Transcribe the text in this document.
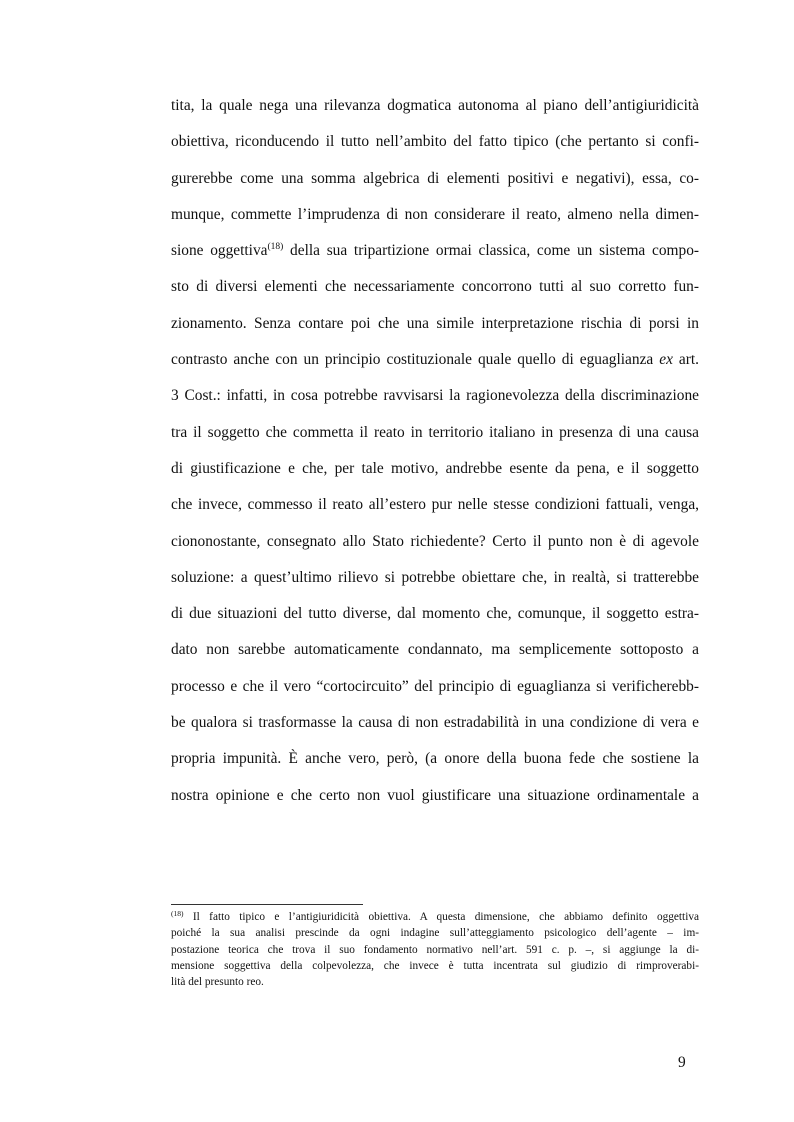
tita, la quale nega una rilevanza dogmatica autonoma al piano dell’antigiuridicità
obiettiva, riconducendo il tutto nell’ambito del fatto tipico (che pertanto si confi-
gurerebbe come una somma algebrica di elementi positivi e negativi), essa, co-
munque, commette l’imprudenza di non considerare il reato, almeno nella dimen-
sione oggettiva$^{(18)}$ della sua tripartizione ormai classica, come un sistema compo-
sto di diversi elementi che necessariamente concorrono tutti al suo corretto fun-
zionamento. Senza contare poi che una simile interpretazione rischia di porsi in
contrasto anche con un principio costituzionale quale quello di eguaglianza ex art.
3 Cost.: infatti, in cosa potrebbe ravvisarsi la ragionevolezza della discriminazione
tra il soggetto che commetta il reato in territorio italiano in presenza di una causa
di giustificazione e che, per tale motivo, andrebbe esente da pena, e il soggetto
che invece, commesso il reato all’estero pur nelle stesse condizioni fattuali, venga,
ciononostante, consegnato allo Stato richiedente? Certo il punto non è di agevole
soluzione: a quest’ultimo rilievo si potrebbe obiettare che, in realtà, si tratterebbe
di due situazioni del tutto diverse, dal momento che, comunque, il soggetto estra-
dato non sarebbe automaticamente condannato, ma semplicemente sottoposto a
processo e che il vero “cortocircuito” del principio di eguaglianza si verificherebb-
be qualora si trasformasse la causa di non estradabilità in una condizione di vera e
propria impunità. È anche vero, però, (a onore della buona fede che sostiene la
nostra opinione e che certo non vuol giustificare una situazione ordinamentale a
$^{(18)}$ Il fatto tipico e l’antigiuridicità obiettiva. A questa dimensione, che abbiamo definito oggettiva
poiché la sua analisi prescinde da ogni indagine sull’atteggiamento psicologico dell’agente – im-
postazione teorica che trova il suo fondamento normativo nell’art. 591 c. p. –, si aggiunge la di-
mensione soggettiva della colpevolezza, che invece è tutta incentrata sul giudizio di rimproverabi-
lità del presunto reo.
9
